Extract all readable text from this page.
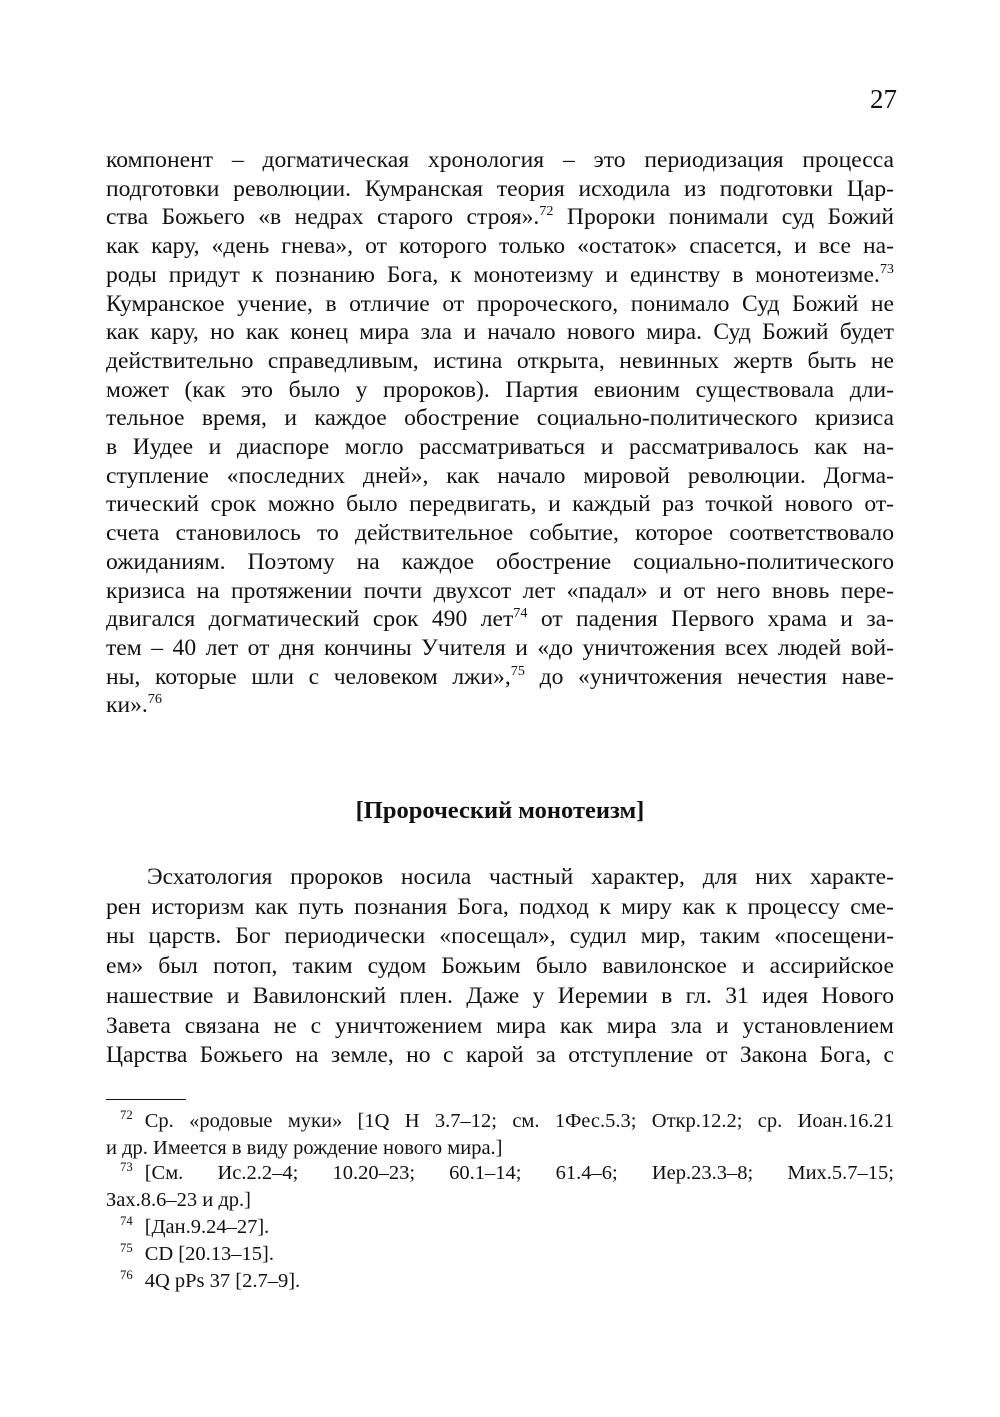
27
компонент – догматическая хронология – это периодизация процесса
подготовки революции. Кумранская теория исходила из подготовки Цар-
ства Божьего «в недрах старого строя».$^{72}$ Пророки понимали суд Божий
как кару, «день гнева», от которого только «остаток» спасется, и все на-
роды придут к познанию Бога, к монотеизму и единству в монотеизме.$^{73}$
Кумранское учение, в отличие от пророческого, понимало Суд Божий не
как кару, но как конец мира зла и начало нового мира. Суд Божий будет
действительно справедливым, истина открыта, невинных жертв быть не
может (как это было у пророков). Партия евионим существовала дли-
тельное время, и каждое обострение социально-политического кризиса
в Иудее и диаспоре могло рассматриваться и рассматривалось как на-
ступление «последних дней», как начало мировой революции. Догма-
тический срок можно было передвигать, и каждый раз точкой нового от-
счета становилось то действительное событие, которое соответствовало
ожиданиям. Поэтому на каждое обострение социально-политического
кризиса на протяжении почти двухсот лет «падал» и от него вновь пере-
двигался догматический срок 490 лет$^{74}$ от падения Первого храма и за-
тем – 40 лет от дня кончины Учителя и «до уничтожения всех людей вой-
ны, которые шли с человеком лжи»,$^{75}$ до «уничтожения нечестия наве-
ки».$^{76}$
[Пророческий монотеизм]
Эсхатология пророков носила частный характер, для них характе-
рен историзм как путь познания Бога, подход к миру как к процессу сме-
ны царств. Бог периодически «посещал», судил мир, таким «посещени-
ем» был потоп, таким судом Божьим было вавилонское и ассирийское
нашествие и Вавилонский плен. Даже у Иеремии в гл. 31 идея Нового
Завета связана не с уничтожением мира как мира зла и установлением
Царства Божьего на земле, но с карой за отступление от Закона Бога, с
$^{72}$ Ср. «родовые муки» [1Q H 3.7–12; см. 1Фес.5.3; Откр.12.2; ср. Иоан.16.21
и др. Имеется в виду рождение нового мира.]
$^{73}$ [См. Ис.2.2–4; 10.20–23; 60.1–14; 61.4–6; Иер.23.3–8; Мих.5.7–15;
Зах.8.6–23 и др.]
$^{74}$ [Дан.9.24–27].
$^{75}$ CD [20.13–15].
$^{76}$ 4Q pPs 37 [2.7–9].
